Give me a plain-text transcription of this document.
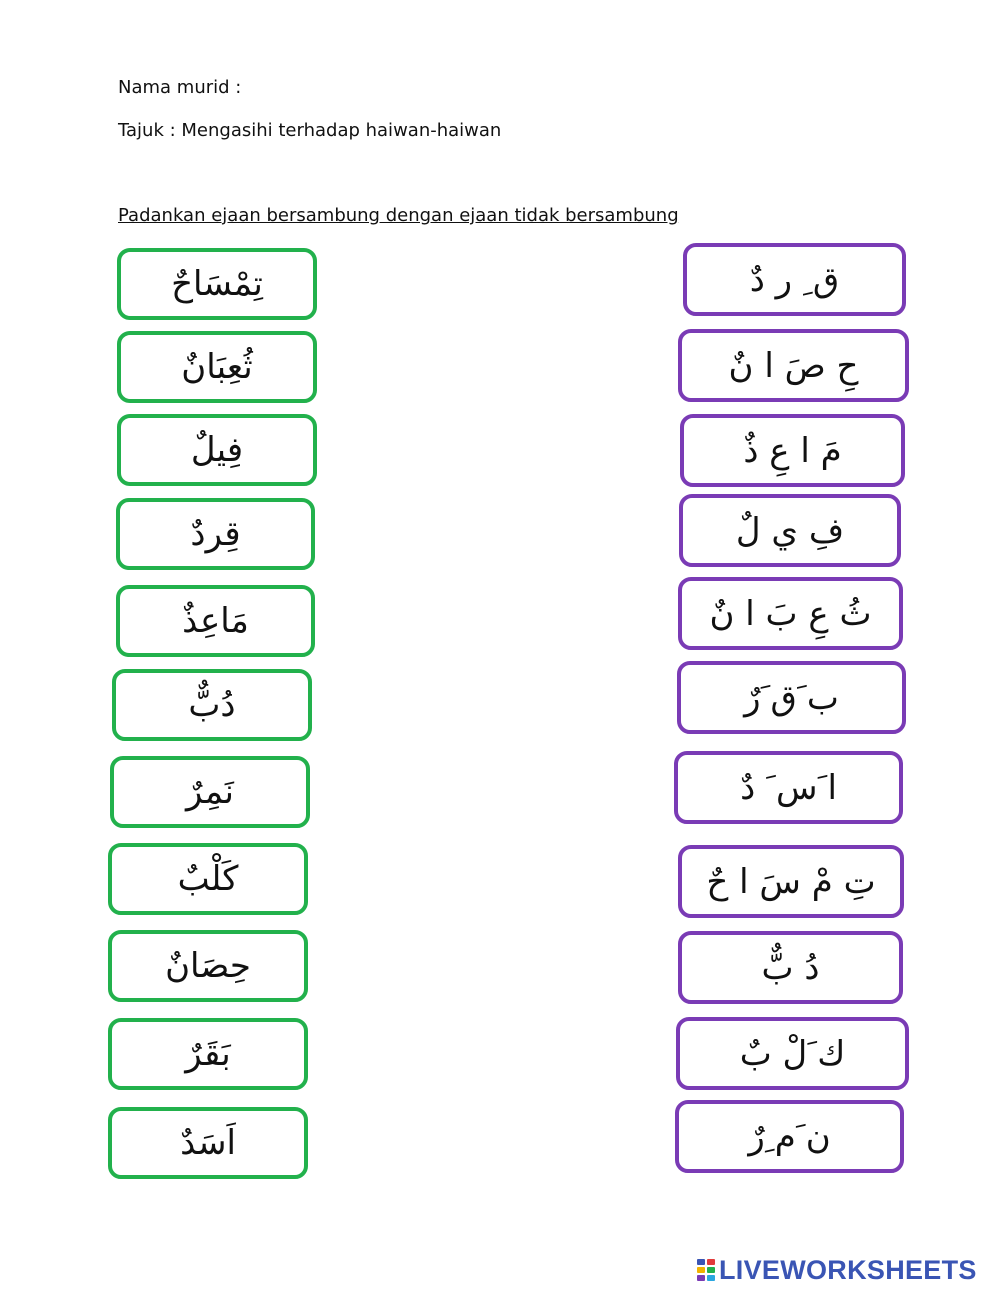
Nama murid :
Tajuk : Mengasihi terhadap haiwan-haiwan
Padankan ejaan bersambung dengan ejaan tidak bersambung
تِمْسَاحٌ
ثُعِبَانٌ
فِيلٌ
قِردٌ
مَاعِذٌ
دُبٌّ
نَمِرٌ
كَلْبٌ
حِصَانٌ
بَقَرٌ
اَسَدٌ
ق ِ ر دٌ
حِ صَ ا نٌ
مَ ا عِ ذٌ
فِ ي لٌ
ثُ عِ بَ ا نٌ
ب َق َرٌ
ا َس َ دٌ
تِ مْ سَ ا حٌ
دُ بٌّ
ك َلْ بٌ
ن َم ِرٌ
LIVEWORKSHEETS
